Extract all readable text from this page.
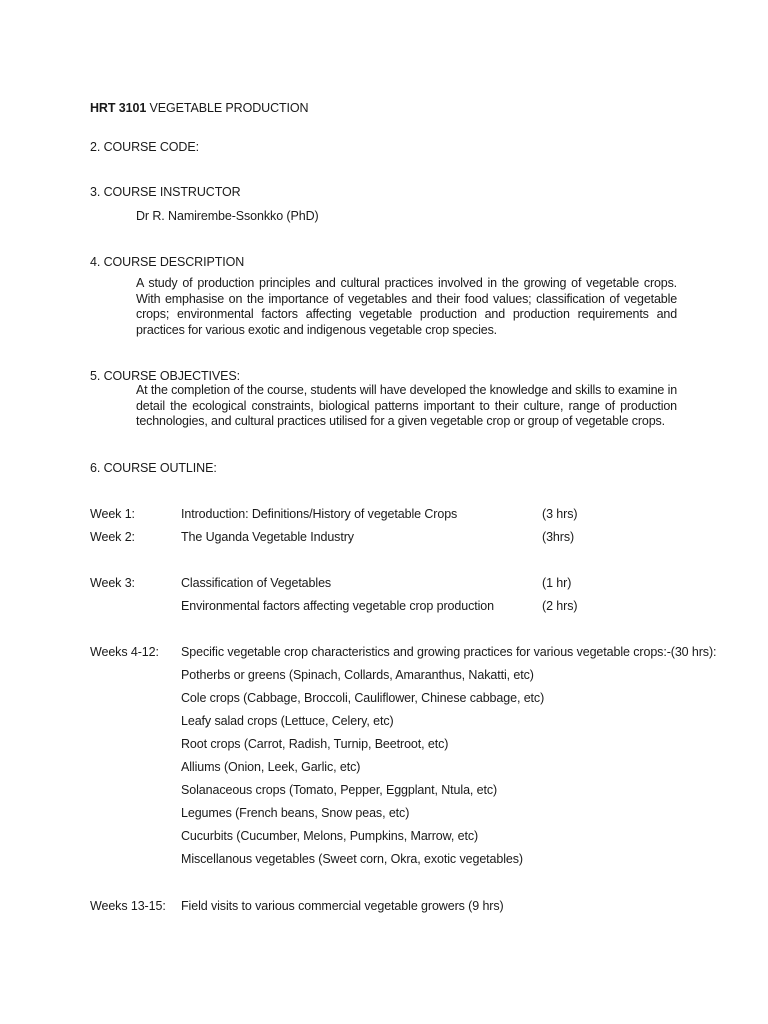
HRT 3101 VEGETABLE PRODUCTION
2. COURSE CODE:
3. COURSE INSTRUCTOR
Dr R. Namirembe-Ssonkko (PhD)
4. COURSE DESCRIPTION
A study of production principles and cultural practices involved in the growing of vegetable crops. With emphasise on the importance of vegetables and their food values; classification of vegetable crops; environmental factors affecting vegetable production and production requirements and practices for various exotic and indigenous vegetable crop species.
5. COURSE OBJECTIVES:
At the completion of the course, students will have developed the knowledge and skills to examine in detail the ecological constraints, biological patterns important to their culture, range of production technologies, and cultural practices utilised for a given vegetable crop or group of vegetable crops.
6. COURSE OUTLINE:
Week 1:	Introduction: Definitions/History of vegetable Crops	(3 hrs)
Week 2:	The Uganda Vegetable Industry	(3hrs)
Week 3:	Classification of Vegetables	(1 hr)
Environmental factors affecting vegetable crop production	(2 hrs)
Weeks 4-12: Specific vegetable crop characteristics and growing practices for various vegetable crops:-(30 hrs):
Potherbs or greens (Spinach, Collards, Amaranthus, Nakatti, etc)
Cole crops (Cabbage, Broccoli, Cauliflower, Chinese cabbage, etc)
Leafy salad crops (Lettuce, Celery, etc)
Root crops (Carrot, Radish, Turnip, Beetroot, etc)
Alliums (Onion, Leek, Garlic, etc)
Solanaceous crops (Tomato, Pepper, Eggplant, Ntula, etc)
Legumes (French beans, Snow peas, etc)
Cucurbits (Cucumber, Melons, Pumpkins, Marrow, etc)
Miscellanous vegetables (Sweet corn, Okra, exotic vegetables)
Weeks 13-15: Field visits to various commercial vegetable growers (9 hrs)
